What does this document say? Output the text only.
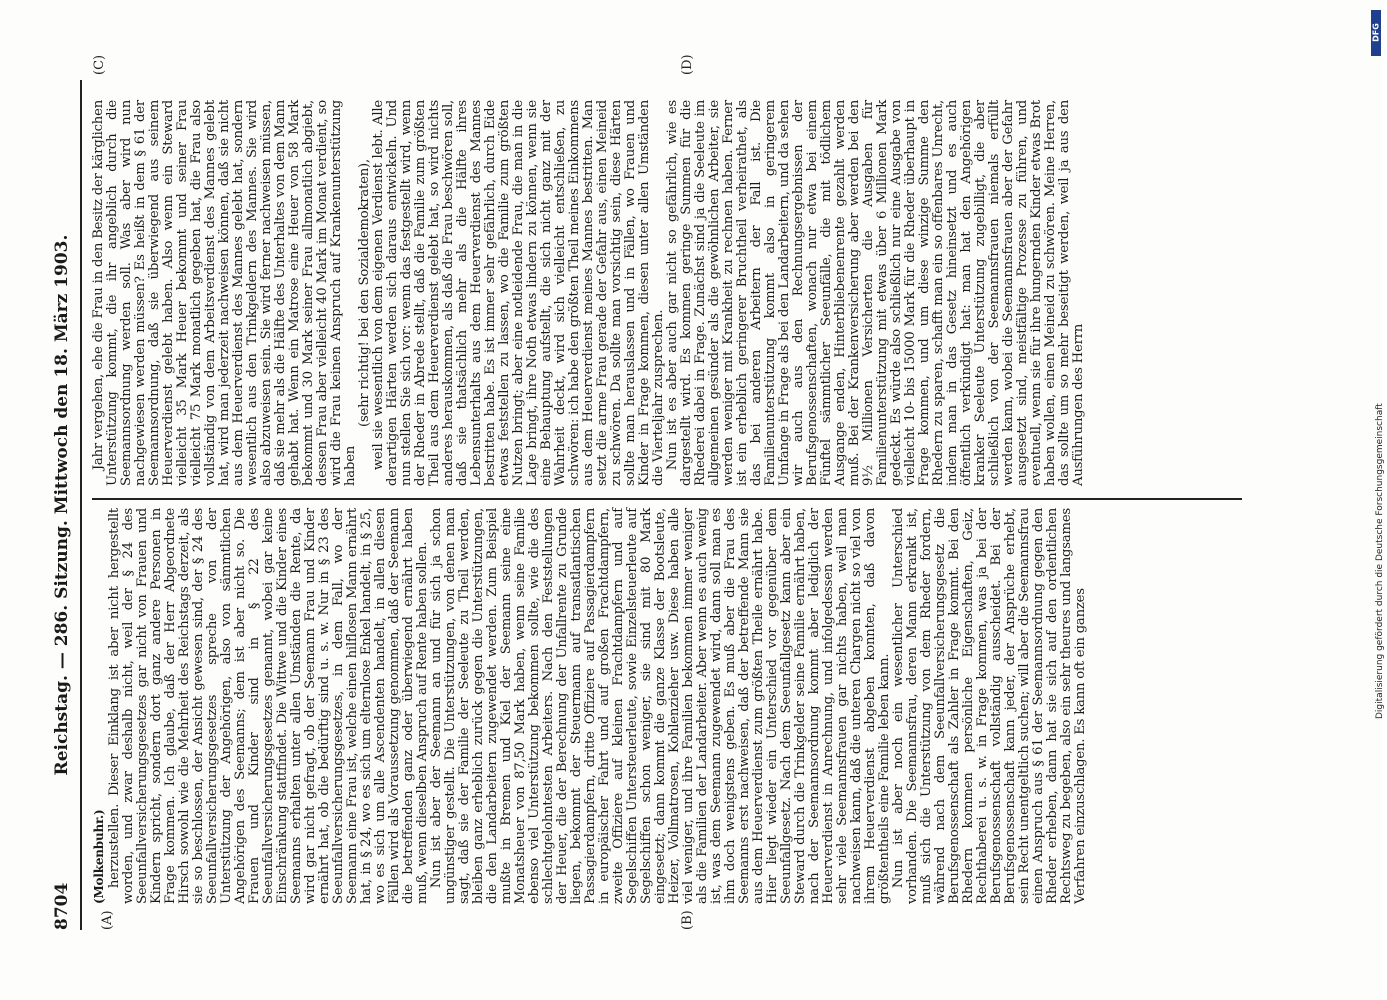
8704
Reichstag. — 286. Sitzung. Mittwoch den 18. März 1903.
(A)	(B)
(C)	(D)
(Molkenbuhr.) herzustellen. Dieser Einklang ist aber nicht hergestellt worden, und zwar deshalb nicht, weil der § 24 des Seeunfallversicherungsgesetzes gar nicht von Frauen und Kindern spricht, sondern dort ganz andere Personen in Frage kommen. Ich glaube, daß der Herr Abgeordnete Hirsch sowohl wie die Mehrheit des Reichstags derzeit, als sie so beschlossen, der Ansicht gewesen sind, der § 24 des Seeunfallversicherungsgesetzes spreche von der Unterstützung der Angehörigen, also von sämmtlichen Angehörigen des Seemanns; dem ist aber nicht so. Die Frauen und Kinder sind in § 22 des Seeunfallversicherungsgesetzes genannt, wobei gar keine Einschränkung stattfindet. Die Wittwe und die Kinder eines Seemanns erhalten unter allen Umständen die Rente, da wird gar nicht gefragt, ob der Seemann Frau und Kinder ernährt hat, ob die bedürftig sind u. s. w. Nur in § 23 des Seeunfallversicherungsgesetzes, in dem Fall, wo der Seemann eine Frau ist, welche einen hilflosen Mann ernährt hat, in § 24, wo es sich um elternlose Enkel handelt, in § 25, wo es sich um alle Ascendenten handelt, in allen diesen Fällen wird als Voraussetzung genommen, daß der Seemann die betreffenden ganz oder überwiegend ernährt haben muß, wenn dieselben Anspruch auf Rente haben sollen. Nun ist aber der Seemann an und für sich ja schon ungünstiger gestellt. Die Unterstützungen, von denen man sagt, daß sie der Familie der Seeleute zu Theil werden, bleiben ganz erheblich zurück gegen die Unterstützungen, die den Landarbeitern zugewendet werden. Zum Beispiel mußte in Bremen und Kiel der Seemann seine eine Monatsheuer von 87,50 Mark haben, wenn seine Familie ebenso viel Unterstützung bekommen sollte, wie die des schlechtgelohntesten Arbeiters. Nach den Feststellungen der Heuer, die der Berechnung der Unfallrente zu Grunde liegen, bekommt der Steuermann auf transatlantischen Passagierdampfern, dritte Offiziere auf Passagierdampfern in europäischer Fahrt und auf großen Frachtdampfern, zweite Offiziere auf kleinen Frachtdampfern und auf Segelschiffen Untersteuerleute, sowie Einzelsteuerleute auf Segelschiffen schon weniger, sie sind mit 80 Mark eingesetzt; dann kommt die ganze Klasse der Bootsleute, Heizer, Vollmatrosen, Kohlenzieher usw. Diese haben alle viel weniger, und ihre Familien bekommen immer weniger als die Familien der Landarbeiter. Aber wenn es auch wenig ist, was dem Seemann zugewendet wird, dann soll man es ihm doch wenigstens geben. Es muß aber die Frau des Seemanns erst nachweisen, daß der betreffende Mann sie aus dem Heuerverdienst zum größten Theile ernährt habe. Hier liegt wieder ein Unterschied vor gegenüber dem Seeunfallgesetz. Nach dem Seeunfallgesetz kann aber ein Steward durch die Trinkgelder seine Familie ernährt haben, nach der Seemannsordnung kommt aber lediglich der Heuerverdienst in Anrechnung, und infolgedessen werden sehr viele Seemannsfrauen gar nichts haben, weil man nachweisen kann, daß die unteren Chargen nicht so viel von ihrem Heuerverdienst abgeben konnten, daß davon größtentheils eine Familie leben kann. Nun ist aber noch ein wesentlicher Unterschied vorhanden. Die Seemannsfrau, deren Mann erkrankt ist, muß sich die Unterstützung von dem Rheder fordern, während nach dem Seeunfallversicherungsgesetz die Berufsgenossenschaft als Zahler in Frage kommt. Bei den Rhedern kommen persönliche Eigenschaften, Geiz, Rechthaberei u. s. w. in Frage kommen, was ja bei der Berufsgenossenschaft vollständig ausscheidet. Bei der Berufsgenossenschaft kann jeder, der Ansprüche erhebt, sein Recht unentgeltlich suchen; will aber die Seemannsfrau einen Anspruch aus § 61 der Seemannsordnung gegen den Rheder erheben, dann hat sie sich auf den ordentlichen Rechtsweg zu begeben, also ein sehr theures und langsames Verfahren einzuschlagen. Es kann oft ein ganzes

Jahr vergehen, ehe die Frau in den Besitz der kärglichen Unterstützung kommt, die ihr angeblich durch die Seemannsordnung werden soll. Was aber wird nun nachgewiesen werden müssen? Es heißt in dem § 61 der Seemannsordnung, daß sie überwiegend aus seinem Heuerverdienst gelebt haben. Also wenn ein Steward vielleicht 35 Mark Heuer bekommt und seiner Frau vielleicht 75 Mark monatlich gegeben hat, die Frau also vollständig von dem Arbeitsverdienst des Mannes gelebt hat, wird man jederzeit nachweisen können, daß sie nicht aus dem Heuerverdienst des Mannes gelebt hat, sondern wesentlich aus den Trinkgeldern des Mannes. Sie wird also abzuweisen sein. Sie wird ferner nachweisen müssen, daß sie mehr als die Hälfte des Unterhaltes von dem Mann gehabt hat. Wenn ein Matrose eine Heuer von 58 Mark bekommt und 30 Mark seiner Frau allmonatlich abgiebt, dessen Frau aber vielleicht 40 Mark im Monat verdient, so wird die Frau keinen Anspruch auf Krankenunterstützung haben

(sehr richtig! bei den Sozialdemokraten), weil sie wesentlich von dem eigenen Verdienst lebt. Alle derartigen Härten werden sich daraus entwickeln. Und nun stellen Sie sich vor: wenn das festgestellt wird, wenn der Rheder in Abrede stellt, daß die Familie zum größten Theil aus dem Heuerverdienst gelebt hat, so wird nichts anderes herauskommen, als daß die Frau beschwören soll, daß sie thatsächlich mehr als die Hälfte ihres Lebensunterhalts aus dem Heuerverdienst des Mannes bestritten habe. Es ist immer sehr gefährlich, durch Eide etwas feststellen zu lassen, wo die Familie zum größten Nutzen bringt; aber eine notleidende Frau, die man in die Lage bringt, ihre Noth etwas lindern zu können, wenn sie eine Behauptung aufstellt, die sich nicht ganz mit der Wahrheit deckt, wird sich vielleicht entschließen, zu schwören: ich habe den größten Theil meines Einkommens aus dem Heuerverdienst meines Mannes bestritten. Man setzt die arme Frau gerade der Gefahr aus, einen Meineid zu schwören. Da sollte man vorsichtig sein, diese Härten sollte man herauslassen und in Fällen, wo Frauen und Kinder in Frage kommen, diesen unter allen Umständen die Vierteljahr zusprechen. Nun ist es aber auch gar nicht so gefährlich, wie es dargestellt wird. Es kommen geringe Summen für die Rhederei dabei in Frage. Zunächst sind ja die Seeleute im allgemeinen gesünder als die gewöhnlichen Arbeiter, sie werden weniger mit Krankheit zu rechnen haben. Ferner ist ein erheblich geringerer Bruchtheil verheirathet, als das bei anderen Arbeitern der Fall ist. Die Familienunterstützung kommt also in geringerem Umfange in Frage als bei den Landarbeitern, und da sehen wir auch aus den Rechnungsergebnissen der Berufsgenossenschaften, wonach nur etwa bei einem Fünftel sämmtlicher Seeunfälle, die mit tödlichem Ausgange enden, Hinterbliebenenrente gezahlt werden muß. Bei der Krankenversicherung aber werden bei den 9½ Millionen Versicherten die Ausgaben für Familienunterstützung mit etwas über 6 Millionen Mark gedeckt. Es würde also schließlich nur eine Ausgabe von vielleicht 10- bis 15000 Mark für die Rheder überhaupt in Frage kommen, und um diese winzige Summe den Rhedern zu sparen, schafft man ein so offenbares Unrecht, indem man in das Gesetz hineinsetzt und es auch öffentlich verkündigt hat: man hat den Angehörigen kranker Seeleute Unterstützung zugebilligt, die aber schließlich von der Seemannsfrauen niemals erfüllt werden kann, wobei die Seemannsfrauen aber der Gefahr ausgesetzt sind, meistfältige Prozesse zu führen, und eventuell, wenn sie für ihre hungernden Kinder etwas Brot haben wollen, einen Meineid zu schwören. Meine Herren, das sollte um so mehr beseitigt werden, weil ja aus den Ausführungen des Herrn

DFG
Digitalisierung gefördert durch die Deutsche Forschungsgemeinschaft
